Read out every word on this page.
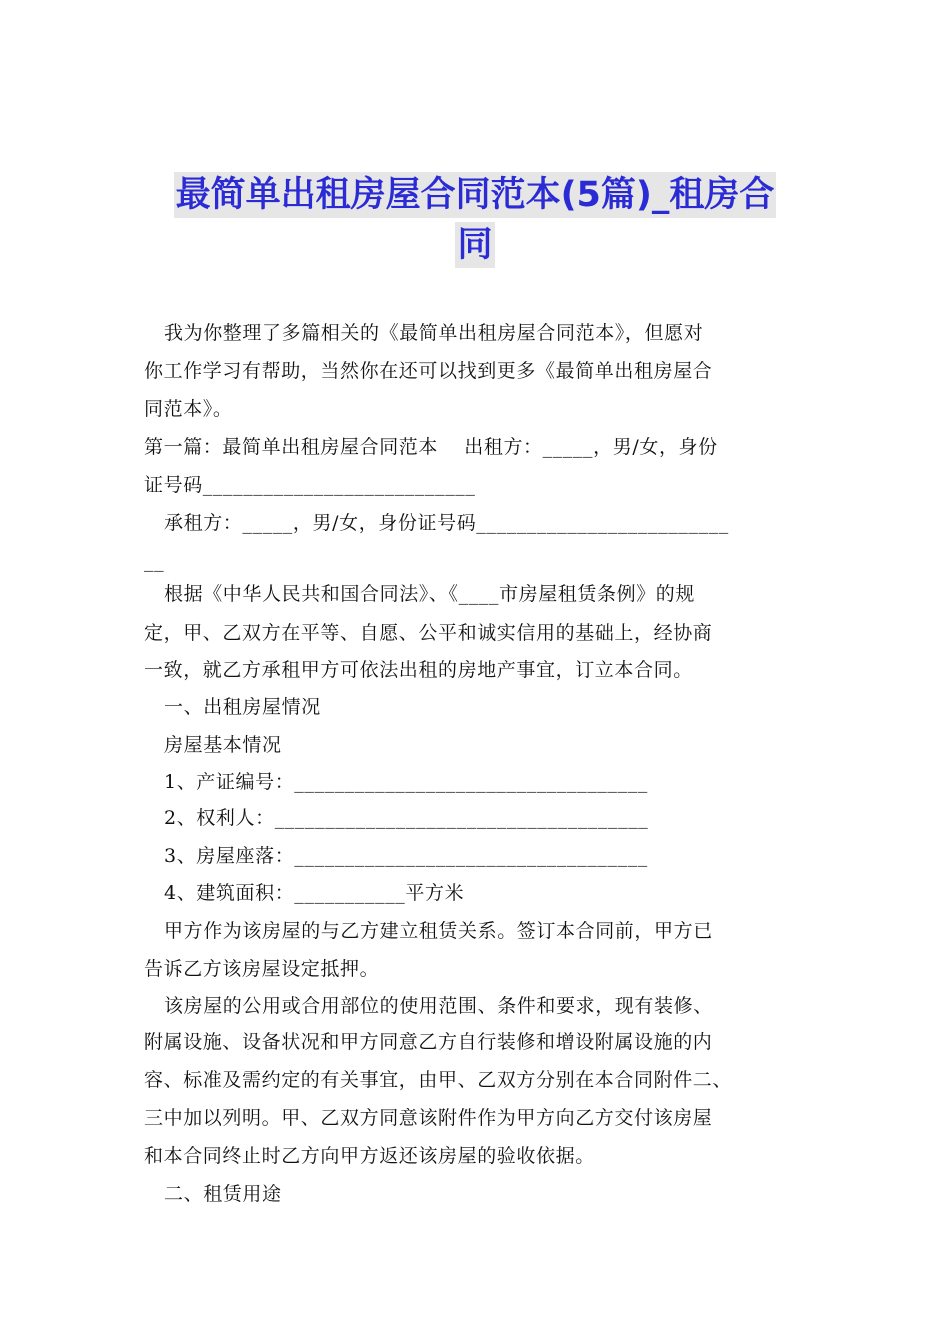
最简单出租房屋合同范本(5篇)_租房合
同
我为你整理了多篇相关的《最简单出租房屋合同范本》，但愿对
你工作学习有帮助，当然你在还可以找到更多《最简单出租房屋合
同范本》。
第一篇：最简单出租房屋合同范本　 出租方：_____，男/女，身份
证号码___________________________
承租方：_____，男/女，身份证号码_________________________
__
根据《中华人民共和国合同法》、《____市房屋租赁条例》的规
定，甲、乙双方在平等、自愿、公平和诚实信用的基础上，经协商
一致，就乙方承租甲方可依法出租的房地产事宜，订立本合同。
一、出租房屋情况
房屋基本情况
1、产证编号：___________________________________
2、权利人：_____________________________________
3、房屋座落：___________________________________
4、建筑面积：___________平方米
甲方作为该房屋的与乙方建立租赁关系。签订本合同前，甲方已
告诉乙方该房屋设定抵押。
该房屋的公用或合用部位的使用范围、条件和要求，现有装修、
附属设施、设备状况和甲方同意乙方自行装修和增设附属设施的内
容、标准及需约定的有关事宜，由甲、乙双方分别在本合同附件二、
三中加以列明。甲、乙双方同意该附件作为甲方向乙方交付该房屋
和本合同终止时乙方向甲方返还该房屋的验收依据。
二、租赁用途
